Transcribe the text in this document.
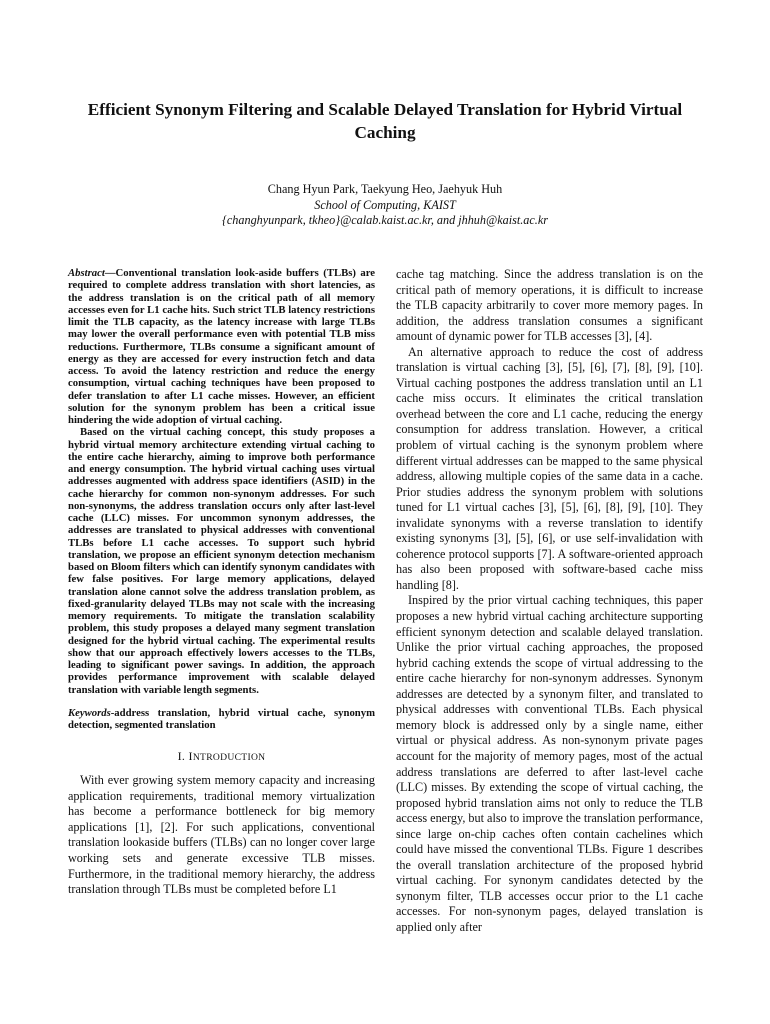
Efficient Synonym Filtering and Scalable Delayed Translation for Hybrid Virtual Caching
Chang Hyun Park, Taekyung Heo, Jaehyuk Huh
School of Computing, KAIST
{changhyunpark, tkheo}@calab.kaist.ac.kr, and jhhuh@kaist.ac.kr

Abstract—Conventional translation look-aside buffers (TLBs) are required to complete address translation with short latencies, as the address translation is on the critical path of all memory accesses even for L1 cache hits. Such strict TLB latency restrictions limit the TLB capacity, as the latency increase with large TLBs may lower the overall performance even with potential TLB miss reductions. Furthermore, TLBs consume a significant amount of energy as they are accessed for every instruction fetch and data access. To avoid the latency restriction and reduce the energy consumption, virtual caching techniques have been proposed to defer translation to after L1 cache misses. However, an efficient solution for the synonym problem has been a critical issue hindering the wide adoption of virtual caching.

Based on the virtual caching concept, this study proposes a hybrid virtual memory architecture extending virtual caching to the entire cache hierarchy, aiming to improve both performance and energy consumption. The hybrid virtual caching uses virtual addresses augmented with address space identifiers (ASID) in the cache hierarchy for common non-synonym addresses. For such non-synonyms, the address translation occurs only after last-level cache (LLC) misses. For uncommon synonym addresses, the addresses are translated to physical addresses with conventional TLBs before L1 cache accesses. To support such hybrid translation, we propose an efficient synonym detection mechanism based on Bloom filters which can identify synonym candidates with few false positives. For large memory applications, delayed translation alone cannot solve the address translation problem, as fixed-granularity delayed TLBs may not scale with the increasing memory requirements. To mitigate the translation scalability problem, this study proposes a delayed many segment translation designed for the hybrid virtual caching. The experimental results show that our approach effectively lowers accesses to the TLBs, leading to significant power savings. In addition, the approach provides performance improvement with scalable delayed translation with variable length segments.

Keywords-address translation, hybrid virtual cache, synonym detection, segmented translation
I. INTRODUCTION

With ever growing system memory capacity and increasing application requirements, traditional memory virtualization has become a performance bottleneck for big memory applications [1], [2]. For such applications, conventional translation lookaside buffers (TLBs) can no longer cover large working sets and generate excessive TLB misses. Furthermore, in the traditional memory hierarchy, the address translation through TLBs must be completed before L1

cache tag matching. Since the address translation is on the critical path of memory operations, it is difficult to increase the TLB capacity arbitrarily to cover more memory pages. In addition, the address translation consumes a significant amount of dynamic power for TLB accesses [3], [4].

An alternative approach to reduce the cost of address translation is virtual caching [3], [5], [6], [7], [8], [9], [10]. Virtual caching postpones the address translation until an L1 cache miss occurs. It eliminates the critical translation overhead between the core and L1 cache, reducing the energy consumption for address translation. However, a critical problem of virtual caching is the synonym problem where different virtual addresses can be mapped to the same physical address, allowing multiple copies of the same data in a cache. Prior studies address the synonym problem with solutions tuned for L1 virtual caches [3], [5], [6], [8], [9], [10]. They invalidate synonyms with a reverse translation to identify existing synonyms [3], [5], [6], or use self-invalidation with coherence protocol supports [7]. A software-oriented approach has also been proposed with software-based cache miss handling [8].

Inspired by the prior virtual caching techniques, this paper proposes a new hybrid virtual caching architecture supporting efficient synonym detection and scalable delayed translation. Unlike the prior virtual caching approaches, the proposed hybrid caching extends the scope of virtual addressing to the entire cache hierarchy for non-synonym addresses. Synonym addresses are detected by a synonym filter, and translated to physical addresses with conventional TLBs. Each physical memory block is addressed only by a single name, either virtual or physical address. As non-synonym private pages account for the majority of memory pages, most of the actual address translations are deferred to after last-level cache (LLC) misses. By extending the scope of virtual caching, the proposed hybrid translation aims not only to reduce the TLB access energy, but also to improve the translation performance, since large on-chip caches often contain cachelines which could have missed the conventional TLBs. Figure 1 describes the overall translation architecture of the proposed hybrid virtual caching. For synonym candidates detected by the synonym filter, TLB accesses occur prior to the L1 cache accesses. For non-synonym pages, delayed translation is applied only after
